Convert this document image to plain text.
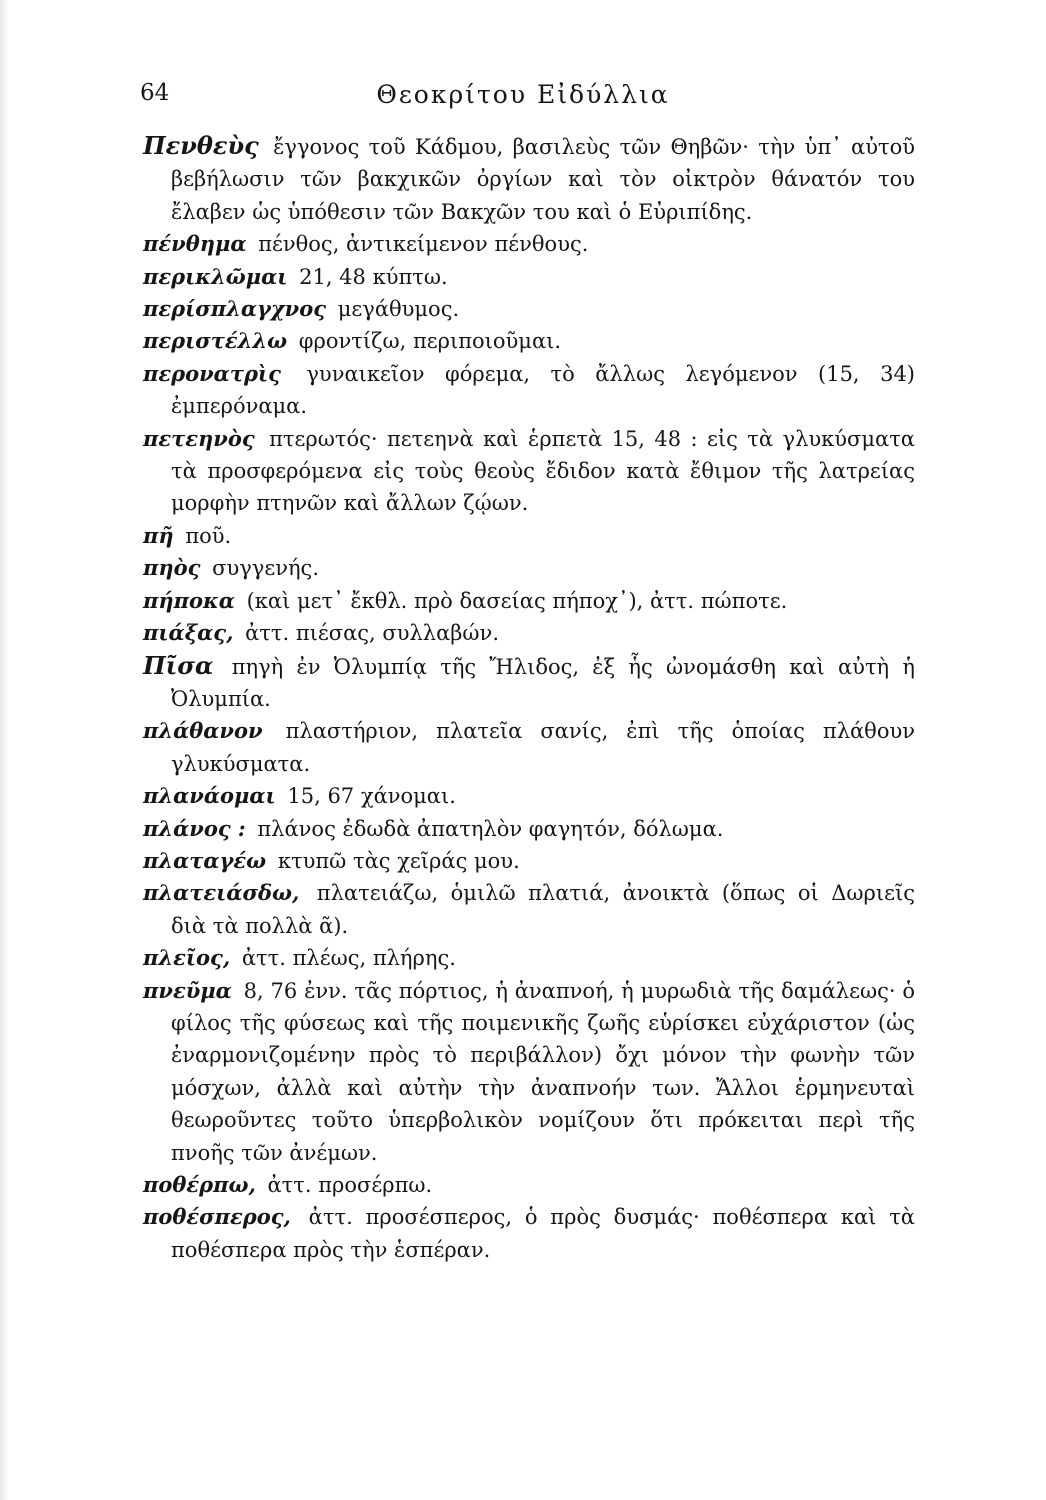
64	Θεοκρίτου Εἰδύλλια
Πενθεὺς ἔγγονος τοῦ Κάδμου, βασιλεὺς τῶν Θηβῶν· τὴν ὑπ᾽ αὐτοῦ βεβήλωσιν τῶν βακχικῶν ὀργίων καὶ τὸν οἰκτρὸν θάνατόν του ἔλαβεν ὡς ὑπόθεσιν τῶν Βακχῶν του καὶ ὁ Εὐριπίδης.
πένθημα πένθος, ἀντικείμενον πένθους.
περικλῶμαι 21, 48 κύπτω.
περίσπλαγχνος μεγάθυμος.
περιστέλλω φροντίζω, περιποιοῦμαι.
περονατρὶς γυναικεῖον φόρεμα, τὸ ἄλλως λεγόμενον (15, 34) ἐμπερόναμα.
πετεηνὸς πτερωτός· πετεηνὰ καὶ ἑρπετὰ 15, 48 : εἰς τὰ γλυκύσματα τὰ προσφερόμενα εἰς τοὺς θεοὺς ἔδιδον κατὰ ἔθιμον τῆς λατρείας μορφὴν πτηνῶν καὶ ἄλλων ζῴων.
πῆ ποῦ.
πηὸς συγγενής.
πήποκα (καὶ μετ᾽ ἔκθλ. πρὸ δασείας πήποχ᾽), ἀττ. πώποτε.
πιάξας, ἀττ. πιέσας, συλλαβών.
Πῖσα πηγὴ ἐν Ὀλυμπίᾳ τῆς Ἤλιδος, ἐξ ἧς ὠνομάσθη καὶ αὐτὴ ἡ Ὀλυμπία.
πλάθανον πλαστήριον, πλατεῖα σανίς, ἐπὶ τῆς ὁποίας πλάθουν γλυκύσματα.
πλανάομαι 15, 67 χάνομαι.
πλάνος : πλάνος ἐδωδὰ ἀπατηλὸν φαγητόν, δόλωμα.
πλαταγέω κτυπῶ τὰς χεῖράς μου.
πλατειάσδω, πλατειάζω, ὁμιλῶ πλατιά, ἀνοικτὰ (ὅπως οἱ Δωριεῖς διὰ τὰ πολλὰ ᾶ).
πλεῖος, ἀττ. πλέως, πλήρης.
πνεῦμα 8, 76 ἐνν. τᾶς πόρτιος, ἡ ἀναπνοή, ἡ μυρωδιὰ τῆς δαμάλεως· ὁ φίλος τῆς φύσεως καὶ τῆς ποιμενικῆς ζωῆς εὑρίσκει εὐχάριστον (ὡς ἐναρμονιζομένην πρὸς τὸ περιβάλλον) ὄχι μόνον τὴν φωνὴν τῶν μόσχων, ἀλλὰ καὶ αὐτὴν τὴν ἀναπνοήν των. Ἄλλοι ἑρμηνευταὶ θεωροῦντες τοῦτο ὑπερβολικὸν νομίζουν ὅτι πρόκειται περὶ τῆς πνοῆς τῶν ἀνέμων.
ποθέρπω, ἀττ. προσέρπω.
ποθέσπερος, ἀττ. προσέσπερος, ὁ πρὸς δυσμάς· ποθέσπερα καὶ τὰ ποθέσπερα πρὸς τὴν ἑσπέραν.
